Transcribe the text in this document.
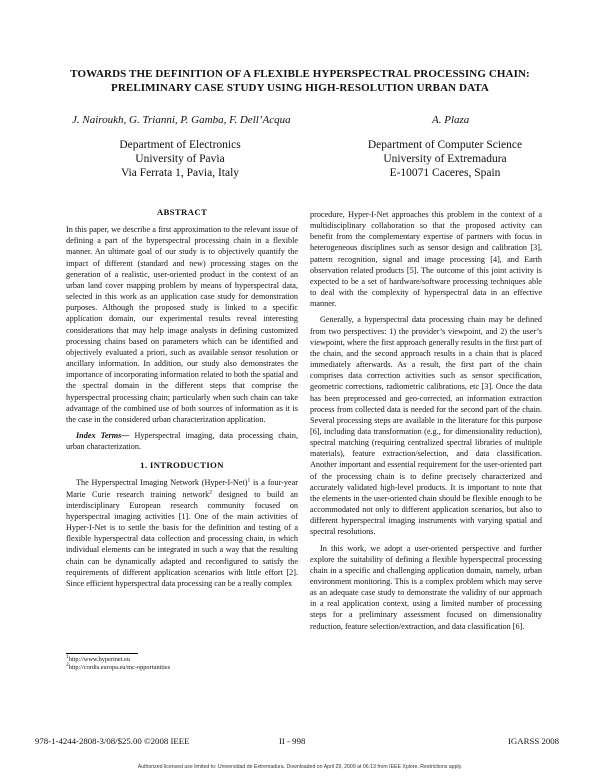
TOWARDS THE DEFINITION OF A FLEXIBLE HYPERSPECTRAL PROCESSING CHAIN:
PRELIMINARY CASE STUDY USING HIGH-RESOLUTION URBAN DATA
J. Nairoukh, G. Trianni, P. Gamba, F. Dell’Acqua	A. Plaza
Department of Electronics
University of Pavia
Via Ferrata 1, Pavia, Italy
Department of Computer Science
University of Extremadura
E-10071 Caceres, Spain
ABSTRACT

In this paper, we describe a first approximation to the relevant issue of defining a part of the hyperspectral processing chain in a flexible manner. An ultimate goal of our study is to objectively quantify the impact of different (standard and new) processing stages on the generation of a realistic, user-oriented product in the context of an urban land cover mapping problem by means of hyperspectral data, selected in this work as an application case study for demonstration purposes. Although the proposed study is linked to a specific application domain, our experimental results reveal interesting considerations that may help image analysts in defining customized processing chains based on parameters which can be identified and objectively evaluated a priori, such as available sensor resolution or ancillary information. In addition, our study also demonstrates the importance of incorporating information related to both the spatial and the spectral domain in the different steps that comprise the hyperspectral processing chain; particularly when such chain can take advantage of the combined use of both sources of information as it is the case in the considered urban characterization application.

Index Terms— Hyperspectral imaging, data processing chain, urban characterization.

1. INTRODUCTION

The Hyperspectral Imaging Network (Hyper-I-Net)$^1$ is a four-year Marie Curie research training network$^2$ designed to build an interdisciplinary European research community focused on hyperspectral imaging activities [1]. One of the main activities of Hyper-I-Net is to settle the basis for the definition and testing of a flexible hyperspectral data collection and processing chain, in which individual elements can be integrated in such a way that the resulting chain can be dynamically adapted and reconfigured to satisfy the requirements of different application scenarios with little effort [2]. Since efficient hyperspectral data processing can be a really complex

$^1$http://www.hyperinet.eu
$^2$http://cordis.europa.eu/mc-opportunities

procedure, Hyper-I-Net approaches this problem in the context of a multidisciplinary collaboration so that the proposed activity can benefit from the complementary expertise of partners with focus in heterogeneous disciplines such as sensor design and calibration [3], pattern recognition, signal and image processing [4], and Earth observation related products [5]. The outcome of this joint activity is expected to be a set of hardware/software processing techniques able to deal with the complexity of hyperspectral data in an effective manner.

Generally, a hyperspectral data processing chain may be defined from two perspectives: 1) the provider’s viewpoint, and 2) the user’s viewpoint, where the first approach generally results in the first part of the chain, and the second approach results in a chain that is placed immediately afterwards. As a result, the first part of the chain comprises data correction activities such as sensor specification, geometric corrections, radiometric calibrations, etc [3]. Once the data has been preprocessed and geo-corrected, an information extraction process from collected data is needed for the second part of the chain. Several processing steps are available in the literature for this purpose [6], including data transformation (e.g., for dimensionality reduction), spectral matching (requiring centralized spectral libraries of multiple materials), feature extraction/selection, and data classification. Another important and essential requirement for the user-oriented part of the processing chain is to define precisely characterized and accurately validated high-level products. It is important to note that the elements in the user-oriented chain should be flexible enough to be accommodated not only to different application scenarios, but also to different hyperspectral imaging instruments with varying spatial and spectral resolutions.

In this work, we adopt a user-oriented perspective and further explore the suitability of defining a flexible hyperspectral processing chain in a specific and challenging application domain, namely, urban environment monitoring. This is a complex problem which may serve as an adequate case study to demonstrate the validity of our approach in a real application context, using a limited number of processing steps for a preliminary assessment focused on dimensionality reduction, feature selection/extraction, and data classification [6].

978-1-4244-2808-3/08/$25.00 ©2008 IEEE	II - 998	IGARSS 2008
Authorized licensed use limited to: Universidad de Extremadura. Downloaded on April 29, 2009 at 06:13 from IEEE Xplore. Restrictions apply.
